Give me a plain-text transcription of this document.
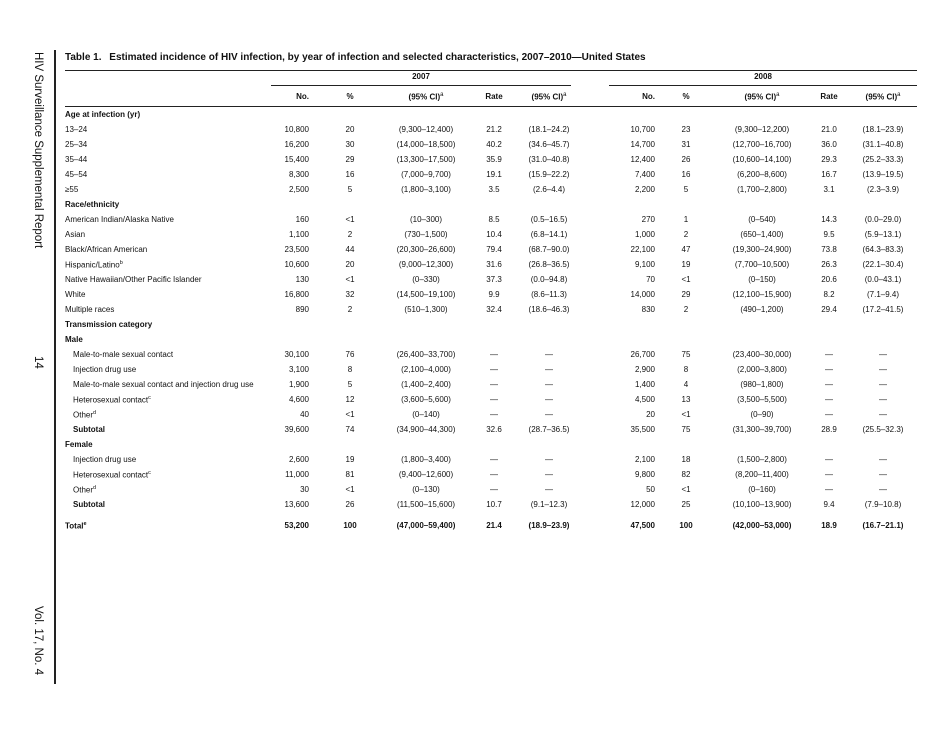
HIV Surveillance Supplemental Report
14
Vol. 17, No. 4
Table 1.  Estimated incidence of HIV infection, by year of infection and selected characteristics, 2007–2010—United States
2007	2008
No.	%	(95% CI)$^a$	Rate	(95% CI)$^a$	No.	%	(95% CI)$^a$	Rate	(95% CI)$^a$
Age at infection (yr)
13–24	10,800	20	(9,300–12,400)	21.2	(18.1–24.2)	10,700	23	(9,300–12,200)	21.0	(18.1–23.9)
25–34	16,200	30	(14,000–18,500)	40.2	(34.6–45.7)	14,700	31	(12,700–16,700)	36.0	(31.1–40.8)
35–44	15,400	29	(13,300–17,500)	35.9	(31.0–40.8)	12,400	26	(10,600–14,100)	29.3	(25.2–33.3)
45–54	8,300	16	(7,000–9,700)	19.1	(15.9–22.2)	7,400	16	(6,200–8,600)	16.7	(13.9–19.5)
≥55	2,500	5	(1,800–3,100)	3.5	(2.6–4.4)	2,200	5	(1,700–2,800)	3.1	(2.3–3.9)
Race/ethnicity
American Indian/Alaska Native	160	<1	(10–300)	8.5	(0.5–16.5)	270	1	(0–540)	14.3	(0.0–29.0)
Asian	1,100	2	(730–1,500)	10.4	(6.8–14.1)	1,000	2	(650–1,400)	9.5	(5.9–13.1)
Black/African American	23,500	44	(20,300–26,600)	79.4	(68.7–90.0)	22,100	47	(19,300–24,900)	73.8	(64.3–83.3)
Hispanic/Latino$^b$	10,600	20	(9,000–12,300)	31.6	(26.8–36.5)	9,100	19	(7,700–10,500)	26.3	(22.1–30.4)
Native Hawaiian/Other Pacific Islander	130	<1	(0–330)	37.3	(0.0–94.8)	70	<1	(0–150)	20.6	(0.0–43.1)
White	16,800	32	(14,500–19,100)	9.9	(8.6–11.3)	14,000	29	(12,100–15,900)	8.2	(7.1–9.4)
Multiple races	890	2	(510–1,300)	32.4	(18.6–46.3)	830	2	(490–1,200)	29.4	(17.2–41.5)
Transmission category
Male
Male-to-male sexual contact	30,100	76	(26,400–33,700)	—	—	26,700	75	(23,400–30,000)	—	—
Injection drug use	3,100	8	(2,100–4,000)	—	—	2,900	8	(2,000–3,800)	—	—
Male-to-male sexual contact and injection drug use	1,900	5	(1,400–2,400)	—	—	1,400	4	(980–1,800)	—	—
Heterosexual contact$^c$	4,600	12	(3,600–5,600)	—	—	4,500	13	(3,500–5,500)	—	—
Other$^d$	40	<1	(0–140)	—	—	20	<1	(0–90)	—	—
Subtotal	39,600	74	(34,900–44,300)	32.6	(28.7–36.5)	35,500	75	(31,300–39,700)	28.9	(25.5–32.3)
Female
Injection drug use	2,600	19	(1,800–3,400)	—	—	2,100	18	(1,500–2,800)	—	—
Heterosexual contact$^c$	11,000	81	(9,400–12,600)	—	—	9,800	82	(8,200–11,400)	—	—
Other$^d$	30	<1	(0–130)	—	—	50	<1	(0–160)	—	—
Subtotal	13,600	26	(11,500–15,600)	10.7	(9.1–12.3)	12,000	25	(10,100–13,900)	9.4	(7.9–10.8)
Total$^e$	53,200	100	(47,000–59,400)	21.4	(18.9–23.9)	47,500	100	(42,000–53,000)	18.9	(16.7–21.1)
